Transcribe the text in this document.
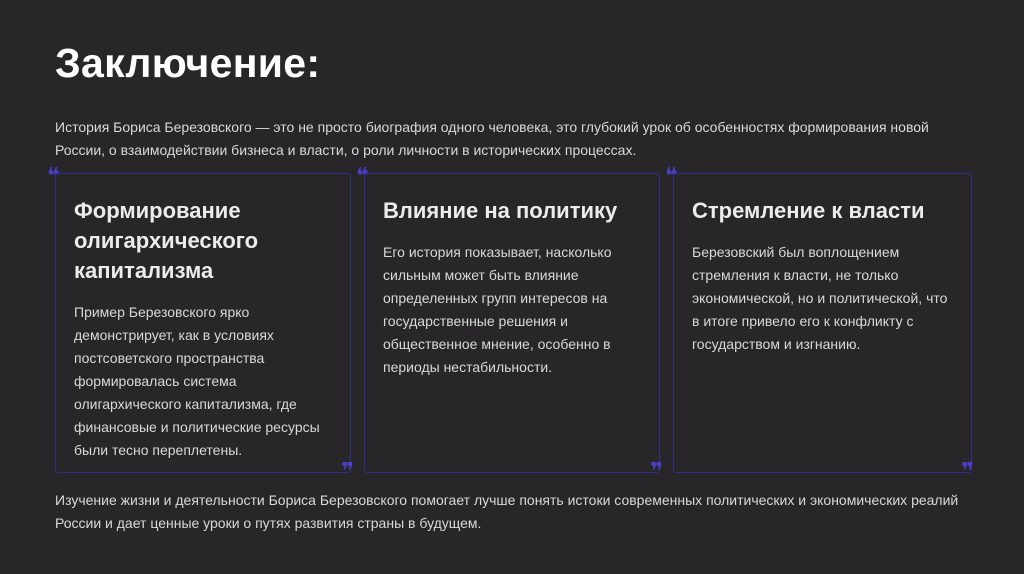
Заключение:
История Бориса Березовского — это не просто биография одного человека, это глубокий урок об особенностях формирования новой России, о взаимодействии бизнеса и власти, о роли личности в исторических процессах.
❝
Формирование олигархического капитализма
Пример Березовского ярко демонстрирует, как в условиях постсоветского пространства формировалась система олигархического капитализма, где финансовые и политические ресурсы были тесно переплетены.
❞
❝
Влияние на политику
Его история показывает, насколько сильным может быть влияние определенных групп интересов на государственные решения и общественное мнение, особенно в периоды нестабильности.
❞
❝
Стремление к власти
Березовский был воплощением стремления к власти, не только экономической, но и политической, что в итоге привело его к конфликту с государством и изгнанию.
❞
Изучение жизни и деятельности Бориса Березовского помогает лучше понять истоки современных политических и экономических реалий России и дает ценные уроки о путях развития страны в будущем.
